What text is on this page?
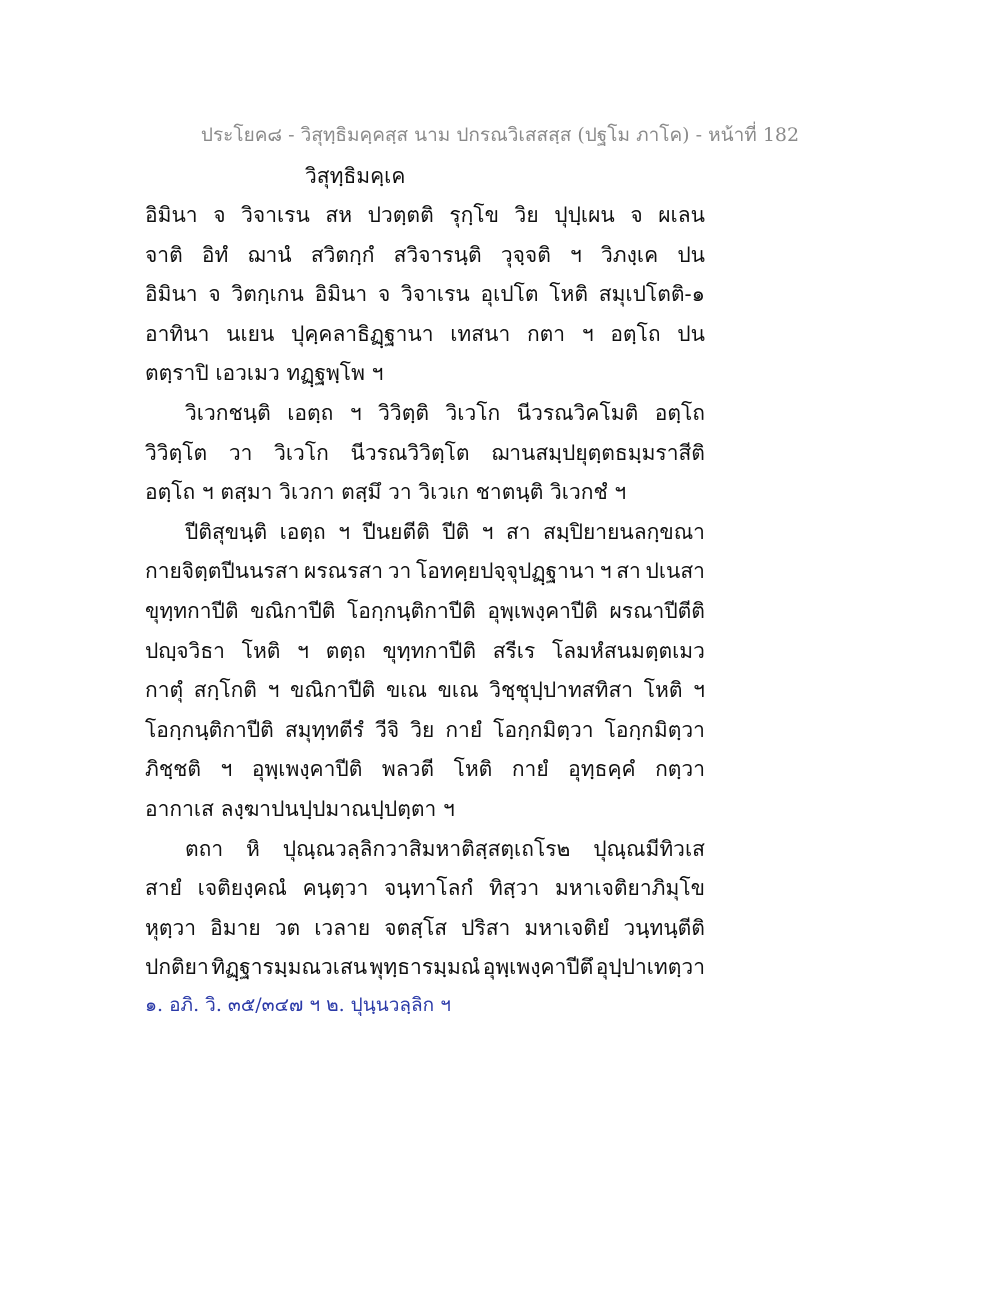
ประโยค๘ - วิสุทฺธิมคฺคสฺส นาม ปกรณวิเสสสฺส (ปฐโม ภาโค) - หน้าที่ 182
วิสุทฺธิมคฺเค
อิมินา จ วิจาเรน สห ปวตฺตติ รุกฺโข วิย ปุปฺเผน จ ผเลน
จาติ อิทํ ฌานํ สวิตกฺกํ สวิจารนฺติ วุจฺจติ ฯ วิภงฺเค ปน
อิมินา จ วิตกฺเกน อิมินา จ วิจาเรน อุเปโต โหติ สมุเปโตติ-๑
อาทินา นเยน ปุคฺคลาธิฏฺฐานา เทสนา กตา ฯ อตฺโถ ปน
ตตฺราปิ เอวเมว ทฏฺฐพฺโพ ฯ
วิเวกชนฺติ เอตฺถ ฯ วิวิตฺติ วิเวโก นีวรณวิคโมติ อตฺโถ
วิวิตฺโต วา วิเวโก นีวรณวิวิตฺโต ฌานสมฺปยุตฺตธมฺมราสีติ
อตฺโถ ฯ ตสฺมา วิเวกา ตสฺมึ วา วิเวเก ชาตนฺติ วิเวกชํ ฯ
ปีติสุขนฺติ เอตฺถ ฯ ปีนยตีติ ปีติ ฯ สา สมฺปิยายนลกฺขณา
กายจิตฺตปีนนรสา ผรณรสา วา โอทคฺยปจฺจุปฏฺฐานา ฯ สา ปเนสา
ขุทฺทกาปีติ ขณิกาปีติ โอกฺกนฺติกาปีติ อุพฺเพงฺคาปีติ ผรณาปีตีติ
ปญฺจวิธา โหติ ฯ ตตฺถ ขุทฺทกาปีติ สรีเร โลมหํสนมตฺตเมว
กาตุํ สกฺโกติ ฯ ขณิกาปีติ ขเณ ขเณ วิชฺชุปฺปาทสทิสา โหติ ฯ
โอกฺกนฺติกาปีติ สมุทฺทตีรํ วีจิ วิย กายํ โอกฺกมิตฺวา โอกฺกมิตฺวา
ภิชฺชติ ฯ อุพฺเพงฺคาปีติ พลวตี โหติ กายํ อุทฺธคฺคํ กตฺวา
อากาเส ลงฺฆาปนปฺปมาณปฺปตฺตา ฯ
ตถา หิ ปุณฺณวลฺลิกวาสิมหาติสฺสตฺเถโร๒ ปุณฺณมีทิวเส
สายํ เจติยงฺคณํ คนฺตฺวา จนฺทาโลกํ ทิสฺวา มหาเจติยาภิมุโข
หุตฺวา อิมาย วต เวลาย จตสฺโส ปริสา มหาเจติยํ วนฺทนฺตีติ
ปกติยา ทิฏฺฐารมฺมณวเสน พุทฺธารมฺมณํ อุพฺเพงฺคาปีตึ อุปฺปาเทตฺวา
๑. อภิ. วิ. ๓๕/๓๔๗ ฯ ๒. ปุนฺนวลฺลิก ฯ
